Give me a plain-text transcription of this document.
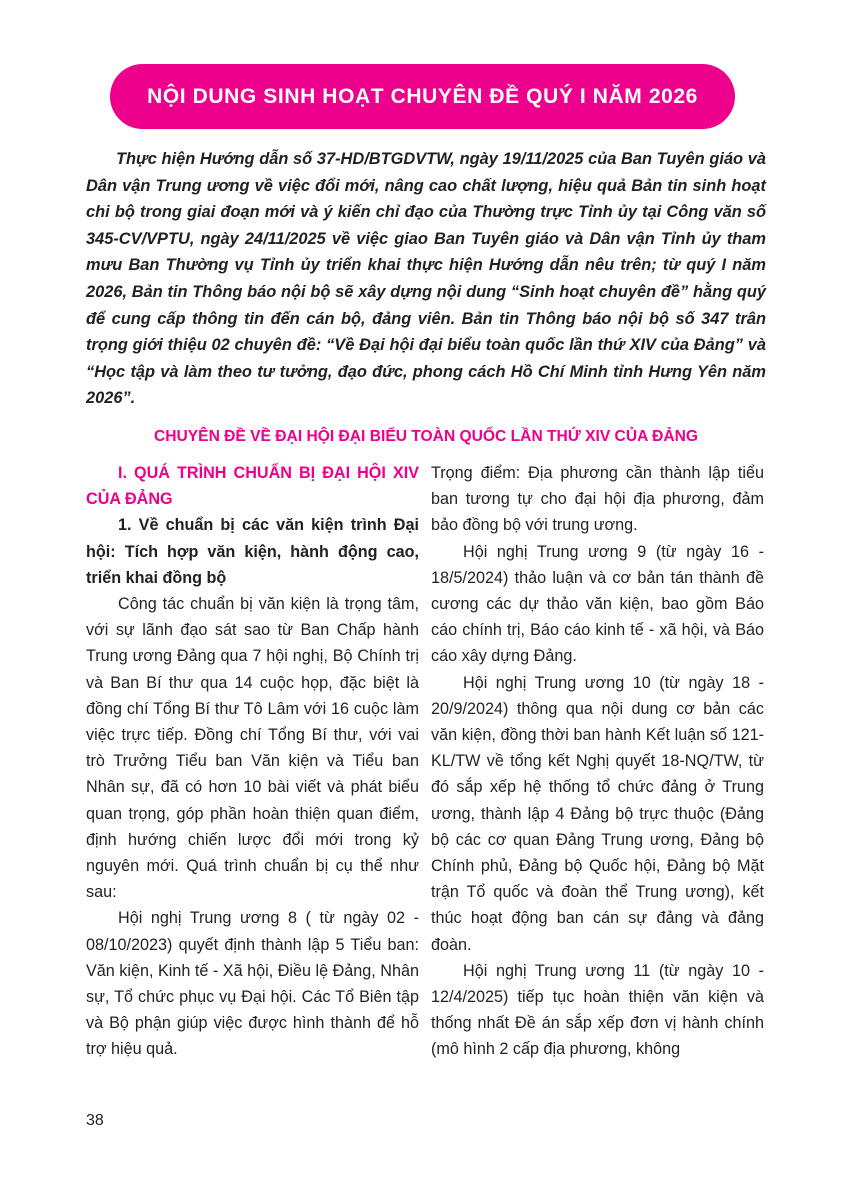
NỘI DUNG SINH HOẠT CHUYÊN ĐỀ QUÝ I NĂM 2026

Thực hiện Hướng dẫn số 37-HD/BTGDVTW, ngày 19/11/2025 của Ban Tuyên giáo và Dân vận Trung ương về việc đổi mới, nâng cao chất lượng, hiệu quả Bản tin sinh hoạt chi bộ trong giai đoạn mới và ý kiến chỉ đạo của Thường trực Tỉnh ủy tại Công văn số 345-CV/VPTU, ngày 24/11/2025 về việc giao Ban Tuyên giáo và Dân vận Tỉnh ủy tham mưu Ban Thường vụ Tỉnh ủy triển khai thực hiện Hướng dẫn nêu trên; từ quý I năm 2026, Bản tin Thông báo nội bộ sẽ xây dựng nội dung “Sinh hoạt chuyên đề” hằng quý để cung cấp thông tin đến cán bộ, đảng viên. Bản tin Thông báo nội bộ số 347 trân trọng giới thiệu 02 chuyên đề: “Về Đại hội đại biểu toàn quốc lần thứ XIV của Đảng” và “Học tập và làm theo tư tưởng, đạo đức, phong cách Hồ Chí Minh tỉnh Hưng Yên năm 2026”.

CHUYÊN ĐỀ VỀ ĐẠI HỘI ĐẠI BIỂU TOÀN QUỐC LẦN THỨ XIV CỦA ĐẢNG

I. QUÁ TRÌNH CHUẨN BỊ ĐẠI HỘI XIV CỦA ĐẢNG

1. Về chuẩn bị các văn kiện trình Đại hội: Tích hợp văn kiện, hành động cao, triển khai đồng bộ

Công tác chuẩn bị văn kiện là trọng tâm, với sự lãnh đạo sát sao từ Ban Chấp hành Trung ương Đảng qua 7 hội nghị, Bộ Chính trị và Ban Bí thư qua 14 cuộc họp, đặc biệt là đồng chí Tổng Bí thư Tô Lâm với 16 cuộc làm việc trực tiếp. Đồng chí Tổng Bí thư, với vai trò Trưởng Tiểu ban Văn kiện và Tiểu ban Nhân sự, đã có hơn 10 bài viết và phát biểu quan trọng, góp phần hoàn thiện quan điểm, định hướng chiến lược đổi mới trong kỷ nguyên mới. Quá trình chuẩn bị cụ thể như sau:

Hội nghị Trung ương 8 ( từ ngày 02 - 08/10/2023) quyết định thành lập 5 Tiểu ban: Văn kiện, Kinh tế - Xã hội, Điều lệ Đảng, Nhân sự, Tổ chức phục vụ Đại hội. Các Tổ Biên tập và Bộ phận giúp việc được hình thành để hỗ trợ hiệu quả.

Trọng điểm: Địa phương cần thành lập tiểu ban tương tự cho đại hội địa phương, đảm bảo đồng bộ với trung ương.

Hội nghị Trung ương 9 (từ ngày 16 - 18/5/2024) thảo luận và cơ bản tán thành đề cương các dự thảo văn kiện, bao gồm Báo cáo chính trị, Báo cáo kinh tế - xã hội, và Báo cáo xây dựng Đảng.

Hội nghị Trung ương 10 (từ ngày 18 - 20/9/2024) thông qua nội dung cơ bản các văn kiện, đồng thời ban hành Kết luận số 121-KL/TW về tổng kết Nghị quyết 18-NQ/TW, từ đó sắp xếp hệ thống tổ chức đảng ở Trung ương, thành lập 4 Đảng bộ trực thuộc (Đảng bộ các cơ quan Đảng Trung ương, Đảng bộ Chính phủ, Đảng bộ Quốc hội, Đảng bộ Mặt trận Tổ quốc và đoàn thể Trung ương), kết thúc hoạt động ban cán sự đảng và đảng đoàn.

Hội nghị Trung ương 11 (từ ngày 10 - 12/4/2025) tiếp tục hoàn thiện văn kiện và thống nhất Đề án sắp xếp đơn vị hành chính (mô hình 2 cấp địa phương, không

38
